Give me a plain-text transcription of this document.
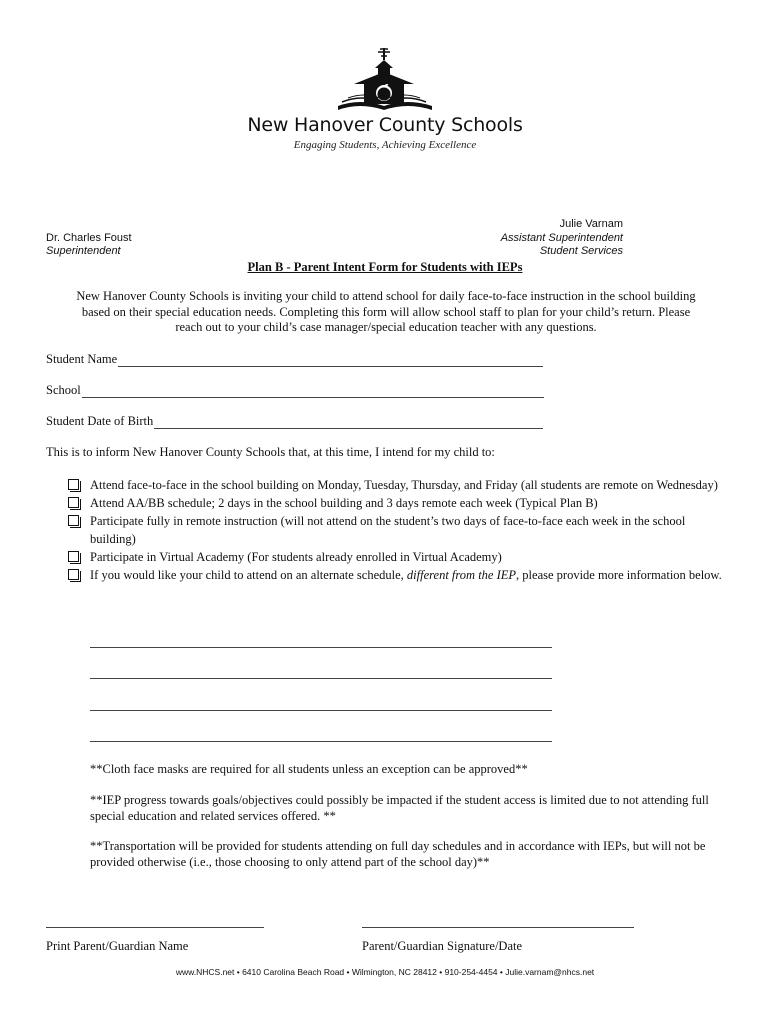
New Hanover County Schools
Engaging Students, Achieving Excellence
Dr. Charles Foust
Superintendent
Julie Varnam
Assistant Superintendent
Student Services
Plan B - Parent Intent Form for Students with IEPs
New Hanover County Schools is inviting your child to attend school for daily face-to-face instruction in the school building
based on their special education needs. Completing this form will allow school staff to plan for your child’s return. Please
reach out to your child’s case manager/special education teacher with any questions.
Student Name
School
Student Date of Birth
This is to inform New Hanover County Schools that, at this time, I intend for my child to:
Attend face-to-face in the school building on Monday, Tuesday, Thursday, and Friday (all students are remote on Wednesday)
Attend AA/BB schedule; 2 days in the school building and 3 days remote each week (Typical Plan B)
Participate fully in remote instruction (will not attend on the student’s two days of face-to-face each week in the school building)
Participate in Virtual Academy (For students already enrolled in Virtual Academy)
If you would like your child to attend on an alternate schedule, different from the IEP, please provide more information below.
**Cloth face masks are required for all students unless an exception can be approved**
**IEP progress towards goals/objectives could possibly be impacted if the student access is limited due to not attending full special education and related services offered. **
**Transportation will be provided for students attending on full day schedules and in accordance with IEPs, but will not be provided otherwise (i.e., those choosing to only attend part of the school day)**
Print Parent/Guardian Name	Parent/Guardian Signature/Date
www.NHCS.net • 6410 Carolina Beach Road • Wilmington, NC 28412 • 910-254-4454 • Julie.varnam@nhcs.net
